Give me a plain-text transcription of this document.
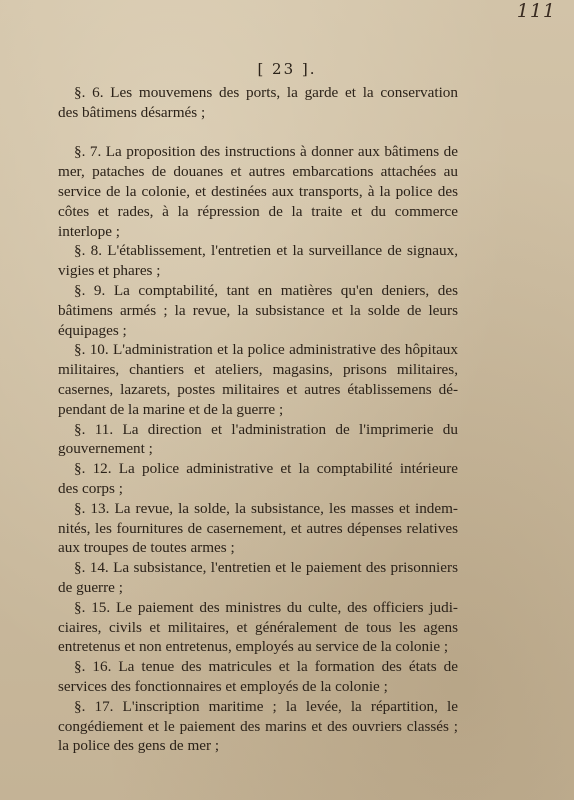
111
[ 23 ].
§. 6. Les mouvemens des ports, la garde et la conservation
des bâtimens désarmés ;
§. 7. La proposition des instructions à donner aux bâtimens de
mer, pataches de douanes et autres embarcations attachées au
service de la colonie, et destinées aux transports, à la police des
côtes et rades, à la répression de la traite et du commerce
interlope ;
§. 8. L'établissement, l'entretien et la surveillance de signaux,
vigies et phares ;
§. 9. La comptabilité, tant en matières qu'en deniers, des
bâtimens armés ; la revue, la subsistance et la solde de leurs
équipages ;
§. 10. L'administration et la police administrative des hôpitaux
militaires, chantiers et ateliers, magasins, prisons militaires,
casernes, lazarets, postes militaires et autres établissemens dé-
pendant de la marine et de la guerre ;
§. 11. La direction et l'administration de l'imprimerie du
gouvernement ;
§. 12. La police administrative et la comptabilité intérieure
des corps ;
§. 13. La revue, la solde, la subsistance, les masses et indem-
nités, les fournitures de casernement, et autres dépenses relatives
aux troupes de toutes armes ;
§. 14. La subsistance, l'entretien et le paiement des prisonniers
de guerre ;
§. 15. Le paiement des ministres du culte, des officiers judi-
ciaires, civils et militaires, et généralement de tous les agens
entretenus et non entretenus, employés au service de la colonie ;
§. 16. La tenue des matricules et la formation des états de
services des fonctionnaires et employés de la colonie ;
§. 17. L'inscription maritime ; la levée, la répartition, le
congédiement et le paiement des marins et des ouvriers classés ;
la police des gens de mer ;
